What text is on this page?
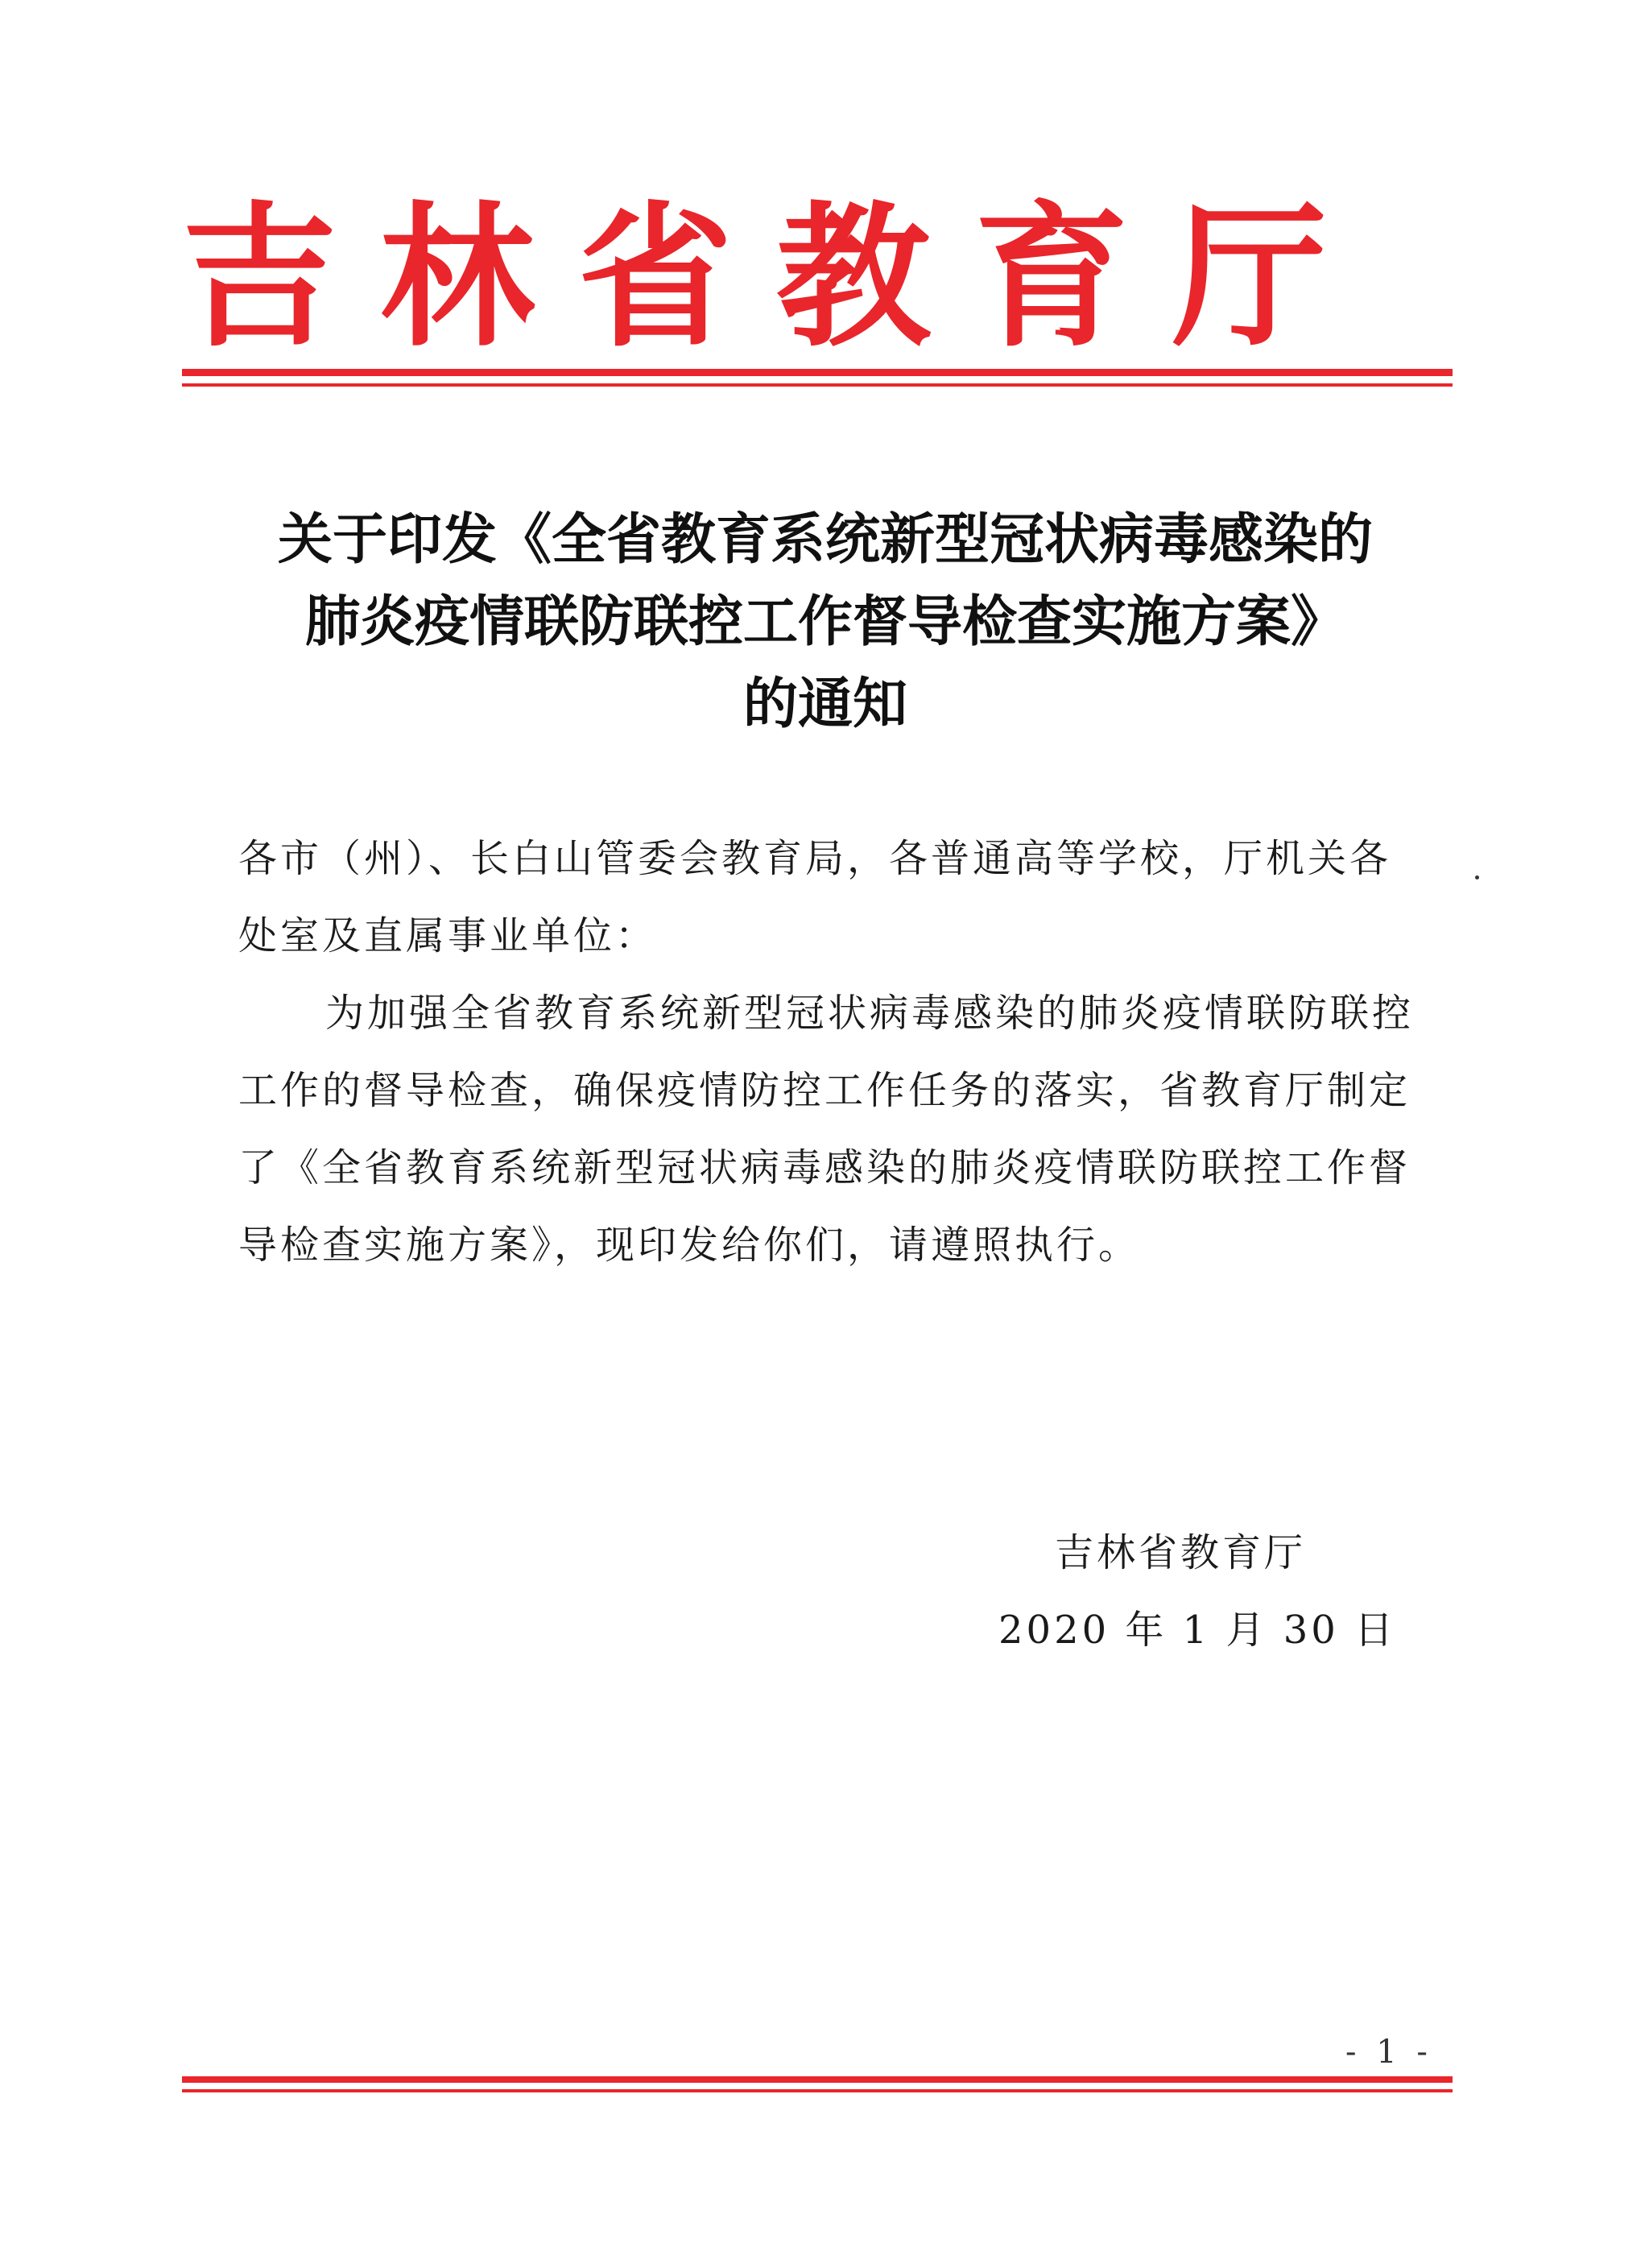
吉林省教育厅
关于印发《全省教育系统新型冠状病毒感染的
肺炎疫情联防联控工作督导检查实施方案》
的通知

各市（州）、长白山管委会教育局，各普通高等学校，厅机关各处室及直属事业单位：

为加强全省教育系统新型冠状病毒感染的肺炎疫情联防联控工作的督导检查，确保疫情防控工作任务的落实，省教育厅制定了《全省教育系统新型冠状病毒感染的肺炎疫情联防联控工作督导检查实施方案》，现印发给你们，请遵照执行。

吉林省教育厅
2020 年 1 月 30 日
- 1 -
